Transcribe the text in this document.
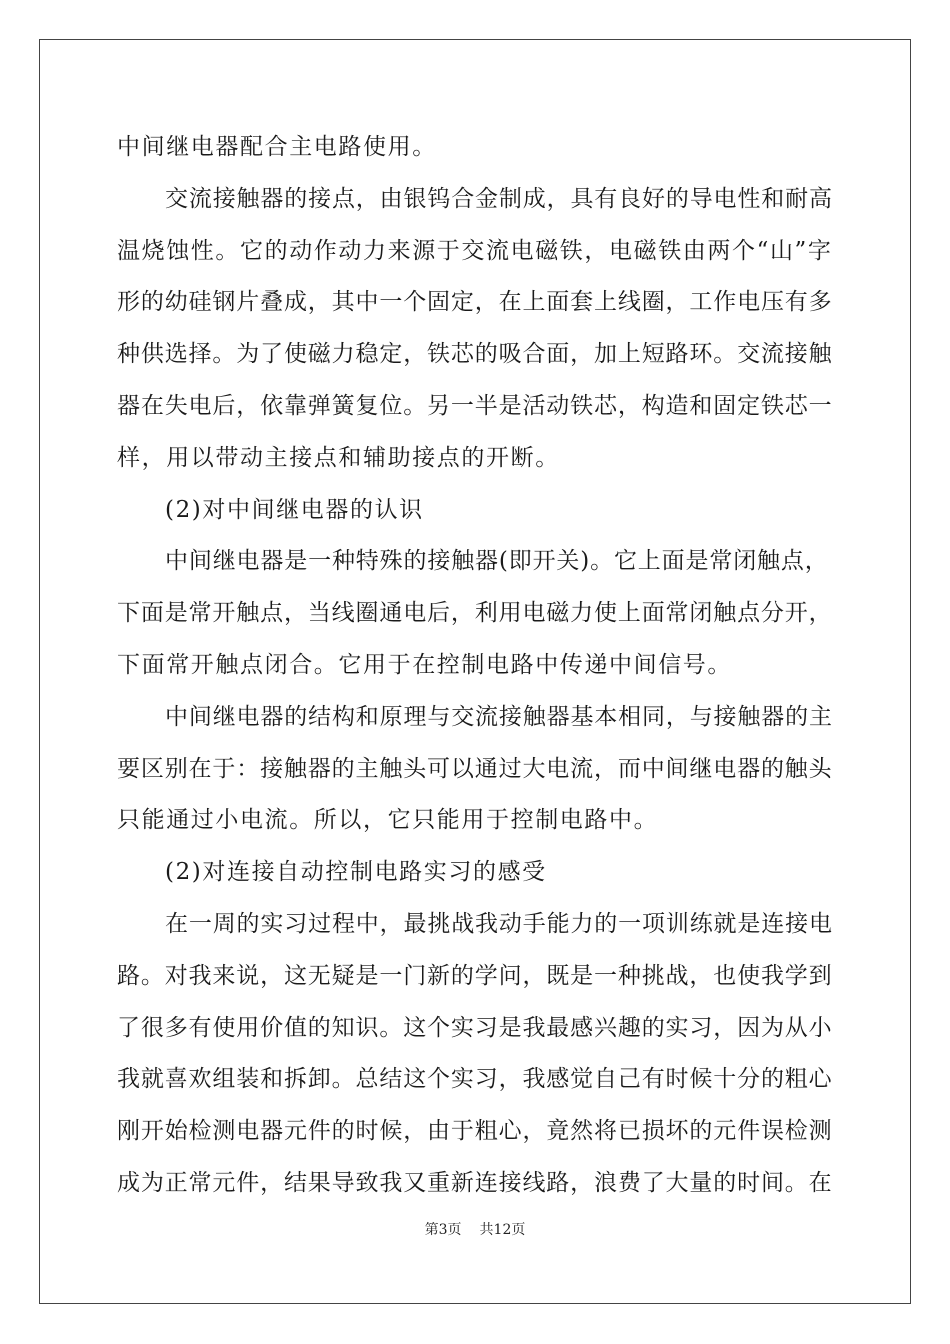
中间继电器配合主电路使用。
交流接触器的接点，由银钨合金制成，具有良好的导电性和耐高
温烧蚀性。它的动作动力来源于交流电磁铁，电磁铁由两个“山”字
形的幼硅钢片叠成，其中一个固定，在上面套上线圈，工作电压有多
种供选择。为了使磁力稳定，铁芯的吸合面，加上短路环。交流接触
器在失电后，依靠弹簧复位。另一半是活动铁芯，构造和固定铁芯一
样，用以带动主接点和辅助接点的开断。
(2)对中间继电器的认识
中间继电器是一种特殊的接触器(即开关)。它上面是常闭触点，
下面是常开触点，当线圈通电后，利用电磁力使上面常闭触点分开，
下面常开触点闭合。它用于在控制电路中传递中间信号。
中间继电器的结构和原理与交流接触器基本相同，与接触器的主
要区别在于：接触器的主触头可以通过大电流，而中间继电器的触头
只能通过小电流。所以，它只能用于控制电路中。
(2)对连接自动控制电路实习的感受
在一周的实习过程中，最挑战我动手能力的一项训练就是连接电
路。对我来说，这无疑是一门新的学问，既是一种挑战，也使我学到
了很多有使用价值的知识。这个实习是我最感兴趣的实习，因为从小
我就喜欢组装和拆卸。总结这个实习，我感觉自己有时候十分的粗心
刚开始检测电器元件的时候，由于粗心，竟然将已损坏的元件误检测
成为正常元件，结果导致我又重新连接线路，浪费了大量的时间。在
第3页 共12页
